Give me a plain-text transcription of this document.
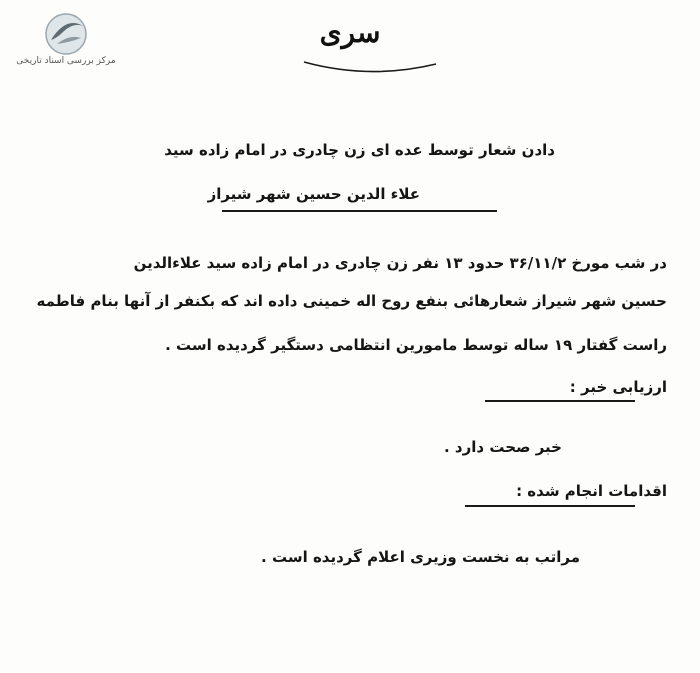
مرکز بررسی اسناد تاریخی
سری
دادن شعار توسط عده ای زن چادری در امام زاده سید
علاء الدین حسین شهر شیراز
در شب مورخ ۳۶/۱۱/۲ حدود ۱۳ نفر زن چادری در امام زاده سید علاءالدین
حسین شهر شیراز شعارهائی بنفع روح اله خمینی داده اند که بکنفر از آنها بنام فاطمه
راست گفتار ۱۹ ساله توسط مامورین انتظامی دستگیر گردیده است .
ارزیابی خبر :
خبر صحت دارد .
اقدامات انجام شده :
مراتب به نخست وزیری اعلام گردیده است .
